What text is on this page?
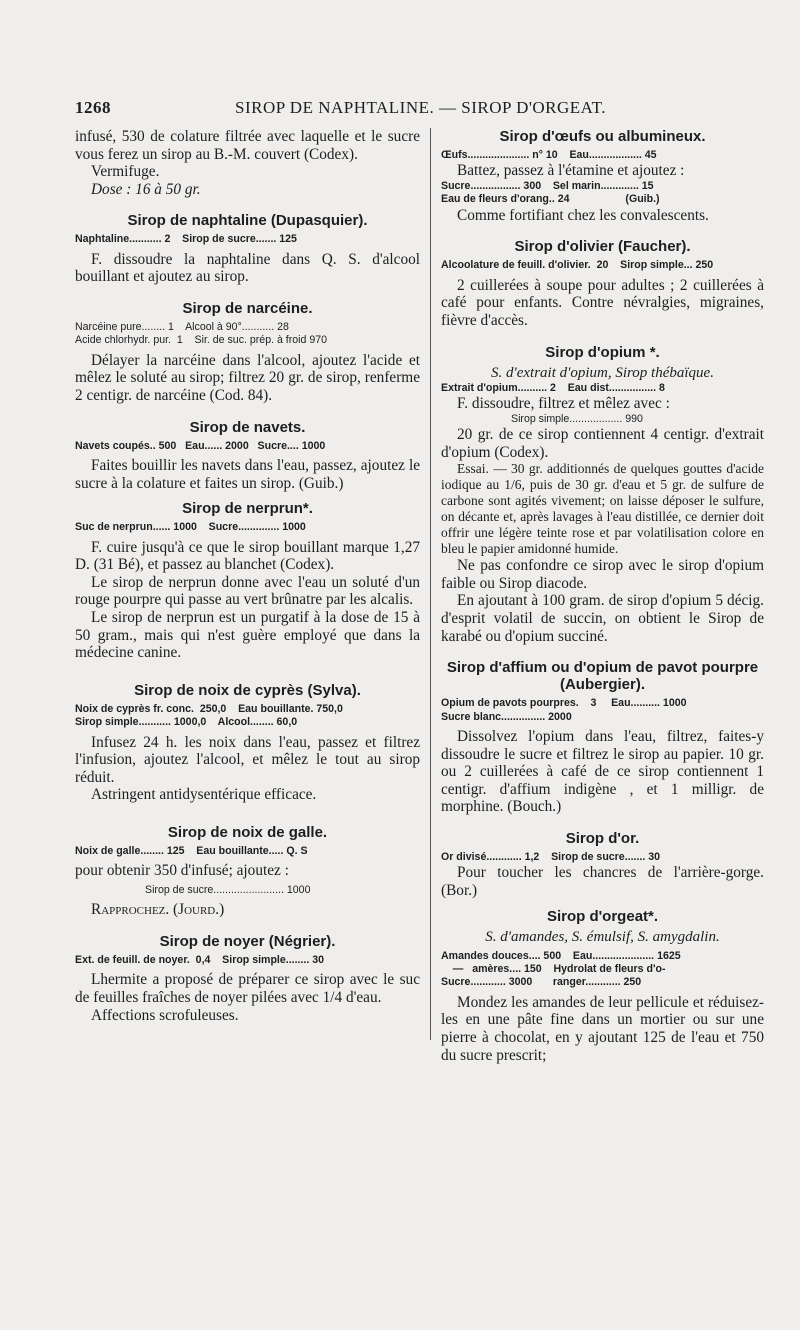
1268	SIROP DE NAPHTALINE. — SIROP D'ORGEAT.

infusé, 530 de colature filtrée avec laquelle et le sucre vous ferez un sirop au B.-M. couvert (Codex).

Vermifuge.

Dose : 16 à 50 gr.

Sirop de naphtaline (Dupasquier).

Naphtaline........... 2    Sirop de sucre....... 125

F. dissoudre la naphtaline dans Q. S. d'alcool bouillant et ajoutez au sirop.

Sirop de narcéine.

Narcéine pure........ 1    Alcool à 90°........... 28

Acide chlorhydr. pur.  1    Sir. de suc. prép. à froid 970

Délayer la narcéine dans l'alcool, ajoutez l'acide et mêlez le soluté au sirop; filtrez 20 gr. de sirop, renferme 2 centigr. de narcéine (Cod. 84).

Sirop de navets.

Navets coupés.. 500   Eau...... 2000   Sucre.... 1000

Faites bouillir les navets dans l'eau, passez, ajoutez le sucre à la colature et faites un sirop. (Guib.)

Sirop de nerprun*.

Suc de nerprun...... 1000    Sucre.............. 1000

F. cuire jusqu'à ce que le sirop bouillant marque 1,27 D. (31 Bé), et passez au blanchet (Codex).

Le sirop de nerprun donne avec l'eau un soluté d'un rouge pourpre qui passe au vert brûnatre par les alcalis.

Le sirop de nerprun est un purgatif à la dose de 15 à 50 gram., mais qui n'est guère employé que dans la médecine canine.

Sirop de noix de cyprès (Sylva).

Noix de cyprès fr. conc.  250,0    Eau bouillante. 750,0

Sirop simple........... 1000,0    Alcool........ 60,0

Infusez 24 h. les noix dans l'eau, passez et filtrez l'infusion, ajoutez l'alcool, et mêlez le tout au sirop réduit.

Astringent antidysentérique efficace.

Sirop de noix de galle.

Noix de galle........ 125    Eau bouillante..... Q. S

pour obtenir 350 d'infusé; ajoutez :

Sirop de sucre........................ 1000

Rapprochez. (Jourd.)

Sirop de noyer (Négrier).

Ext. de feuill. de noyer.  0,4    Sirop simple........ 30

Lhermite a proposé de préparer ce sirop avec le suc de feuilles fraîches de noyer pilées avec 1/4 d'eau.

Affections scrofuleuses.

Sirop d'œufs ou albumineux.

Œufs..................... n° 10    Eau.................. 45

Battez, passez à l'étamine et ajoutez :

Sucre................. 300    Sel marin............. 15

Eau de fleurs d'orang.. 24                   (Guib.)

Comme fortifiant chez les convalescents.

Sirop d'olivier (Faucher).

Alcoolature de feuill. d'olivier.  20    Sirop simple... 250

2 cuillerées à soupe pour adultes ; 2 cuillerées à café pour enfants. Contre névralgies, migraines, fièvre d'accès.

Sirop d'opium *.

S. d'extrait d'opium, Sirop thébaïque.

Extrait d'opium.......... 2    Eau dist................ 8

F. dissoudre, filtrez et mêlez avec :

Sirop simple.................. 990

20 gr. de ce sirop contiennent 4 centigr. d'extrait d'opium (Codex).

Essai. — 30 gr. additionnés de quelques gouttes d'acide iodique au 1/6, puis de 30 gr. d'eau et 5 gr. de sulfure de carbone sont agités vivement; on laisse déposer le sulfure, on décante et, après lavages à l'eau distillée, ce dernier doit offrir une légère teinte rose et par volatilisation colore en bleu le papier amidonné humide.

Ne pas confondre ce sirop avec le sirop d'opium faible ou Sirop diacode.

En ajoutant à 100 gram. de sirop d'opium 5 décig. d'esprit volatil de succin, on obtient le Sirop de karabé ou d'opium succiné.

Sirop d'affium ou d'opium de pavot pourpre

(Aubergier).

Opium de pavots pourpres.    3     Eau.......... 1000

Sucre blanc............... 2000

Dissolvez l'opium dans l'eau, filtrez, faites-y dissoudre le sucre et filtrez le sirop au papier. 10 gr. ou 2 cuillerées à café de ce sirop contiennent 1 centigr. d'affium indigène , et 1 milligr. de morphine. (Bouch.)

Sirop d'or.

Or divisé............ 1,2    Sirop de sucre....... 30

Pour toucher les chancres de l'arrière-gorge. (Bor.)

Sirop d'orgeat*.

S. d'amandes, S. émulsif, S. amygdalin.

Amandes douces.... 500    Eau..................... 1625

—   amères.... 150    Hydrolat de fleurs d'o-

Sucre............ 3000       ranger............ 250

Mondez les amandes de leur pellicule et réduisez-les en une pâte fine dans un mortier ou sur une pierre à chocolat, en y ajoutant 125 de l'eau et 750 du sucre prescrit;
